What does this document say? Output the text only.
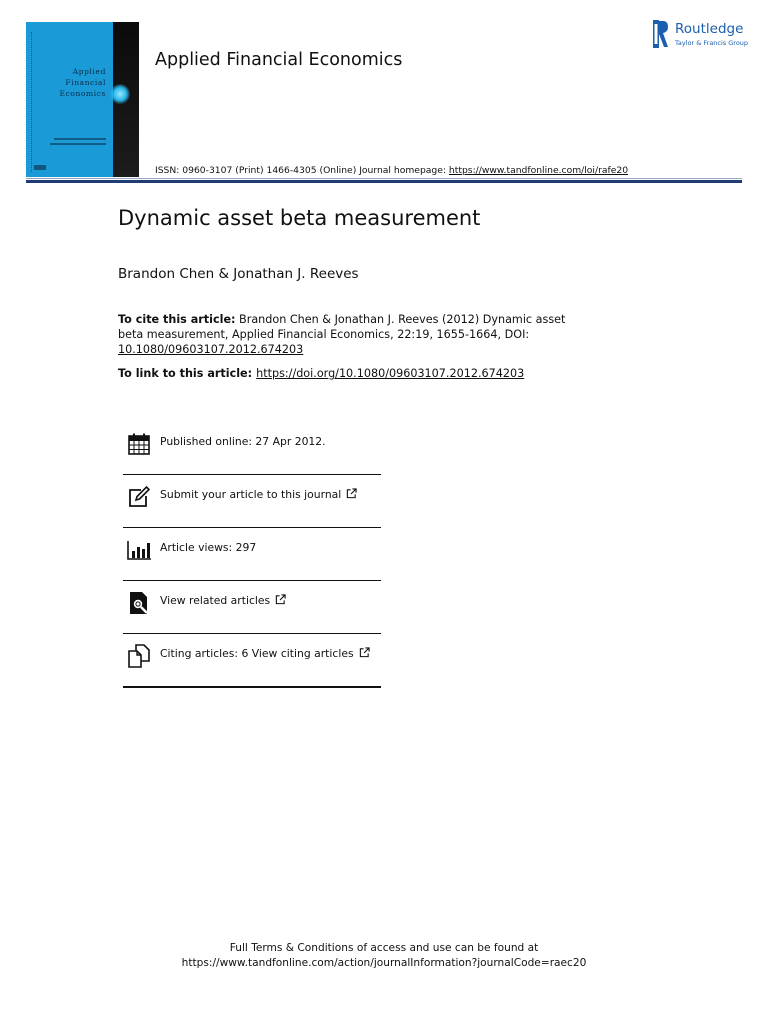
Applied
Financial
Economics
Applied Financial Economics
Routledge
Taylor & Francis Group
ISSN: 0960-3107 (Print) 1466-4305 (Online) Journal homepage: https://www.tandfonline.com/loi/rafe20
Dynamic asset beta measurement
Brandon Chen & Jonathan J. Reeves
To cite this article: Brandon Chen & Jonathan J. Reeves (2012) Dynamic asset beta measurement, Applied Financial Economics, 22:19, 1655-1664, DOI: 10.1080/09603107.2012.674203
To link to this article: https://doi.org/10.1080/09603107.2012.674203
Published online: 27 Apr 2012.
Submit your article to this journal
Article views: 297
View related articles
Citing articles: 6 View citing articles
Full Terms & Conditions of access and use can be found at
https://www.tandfonline.com/action/journalInformation?journalCode=raec20
